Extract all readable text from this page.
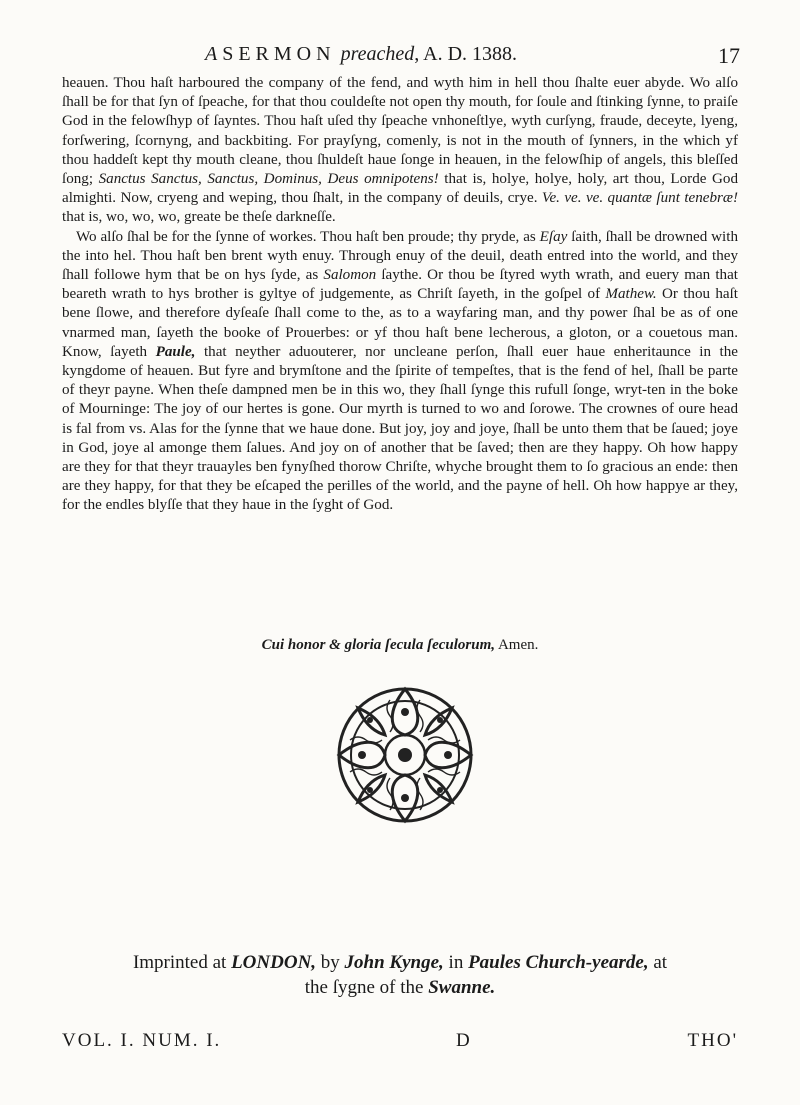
A SERMON preached, A. D. 1388.	17

heauen. Thou haſt harboured the company of the fend, and wyth him in hell thou ſhalte euer abyde. Wo alſo ſhall be for that ſyn of ſpeache, for that thou couldeſte not open thy mouth, for ſoule and ſtinking ſynne, to praiſe God in the felowſhyp of ſayntes. Thou haſt uſed thy ſpeache vnhoneſtlye, wyth curſyng, fraude, deceyte, lyeng, forſwering, ſcornyng, and backbiting. For prayſyng, comenly, is not in the mouth of ſynners, in the which yf thou haddeſt kept thy mouth cleane, thou ſhuldeſt haue ſonge in heauen, in the felowſhip of angels, this bleſſed ſong; Sanctus Sanctus, Sanctus, Dominus, Deus omnipotens! that is, holye, holye, holy, art thou, Lorde God almighti. Now, cryeng and weping, thou ſhalt, in the company of deuils, crye. Ve. ve. ve. quantæ ſunt tenebræ! that is, wo, wo, wo, greate be theſe darkneſſe.

Wo alſo ſhal be for the ſynne of workes. Thou haſt ben proude; thy pryde, as Eſay ſaith, ſhall be drowned with the into hel. Thou haſt ben brent wyth enuy. Through enuy of the deuil, death entred into the world, and they ſhall followe hym that be on hys ſyde, as Salomon ſaythe. Or thou be ſtyred wyth wrath, and euery man that beareth wrath to hys brother is gyltye of judgemente, as Chriſt ſayeth, in the goſpel of Mathew. Or thou haſt bene ſlowe, and therefore dyſeaſe ſhall come to the, as to a wayfaring man, and thy power ſhal be as of one vnarmed man, ſayeth the booke of Prouerbes: or yf thou haſt bene lecherous, a gloton, or a couetous man. Know, ſayeth Paule, that neyther aduouterer, nor uncleane perſon, ſhall euer haue enheritaunce in the kyngdome of heauen. But fyre and brymſtone and the ſpirite of tempeſtes, that is the fend of hel, ſhall be parte of theyr payne. When theſe dampned men be in this wo, they ſhall ſynge this rufull ſonge, wryt-ten in the boke of Mourninge: The joy of our hertes is gone. Our myrth is turned to wo and ſorowe. The crownes of oure head is fal from vs. Alas for the ſynne that we haue done. But joy, joy and joye, ſhall be unto them that be ſaued; joye in God, joye al amonge them ſalues. And joy on of another that be ſaved; then are they happy. Oh how happy are they for that theyr trauayles ben fynyſhed thorow Chriſte, whyche brought them to ſo gracious an ende: then are they happy, for that they be eſcaped the perilles of the world, and the payne of hell. Oh how happye ar they, for the endles blyſſe that they haue in the ſyght of God.

Cui honor & gloria ſecula ſeculorum, Amen.
Imprinted at LONDON, by John Kynge, in Paules Church-yearde, at
the ſygne of the Swanne.
VOL. I. NUM. I.	D	THO'
